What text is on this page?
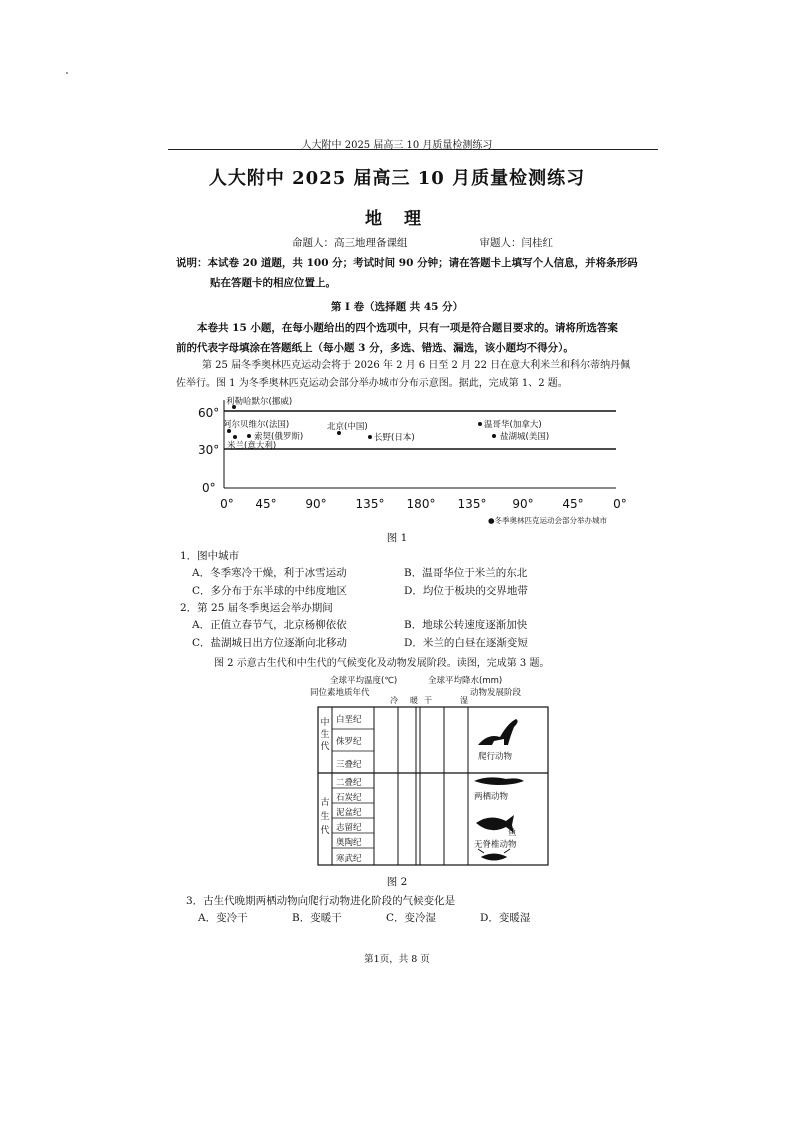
人大附中 2025 届高三 10 月质量检测练习
人大附中 2025 届高三 10 月质量检测练习
地 理
命题人：高三地理备课组	审题人：闫桂红
说明：本试卷 20 道题，共 100 分；考试时间 90 分钟；请在答题卡上填写个人信息，并将条形码
贴在答题卡的相应位置上。
第 I 卷（选择题 共 45 分）
本卷共 15 小题，在每小题给出的四个选项中，只有一项是符合题目要求的。请将所选答案
前的代表字母填涂在答题纸上（每小题 3 分，多选、错选、漏选，该小题均不得分）。
第 25 届冬季奥林匹克运动会将于 2026 年 2 月 6 日至 2 月 22 日在意大利米兰和科尔蒂纳丹佩
佐举行。图 1 为冬季奥林匹克运动会部分举办城市分布示意图。据此，完成第 1、2 题。
60°
30°
0°
0° 45° 90° 135° 180° 135° 90° 45° 0°
利勒哈默尔(挪威)
阿尔贝维尔(法国)
索契(俄罗斯)
米兰(意大利)
北京(中国)
长野(日本)
温哥华(加拿大)
盐湖城(美国)
●冬季奥林匹克运动会部分举办城市
图 1
1．图中城市
A．冬季寒冷干燥，利于冰雪运动	B．温哥华位于米兰的东北
C．多分布于东半球的中纬度地区	D．均位于板块的交界地带
2．第 25 届冬季奥运会举办期间
A．正值立春节气，北京杨柳依依	B．地球公转速度逐渐加快
C．盐湖城日出方位逐渐向北移动	D．米兰的白昼在逐渐变短
图 2 示意古生代和中生代的气候变化及动物发展阶段。读图，完成第 3 题。
全球平均温度(℃)	全球平均降水(mm)
同位素地质年代	动物发展阶段
冷 暖 干	湿
中生代
古生代
白垩纪
侏罗纪
三叠纪
二叠纪
石炭纪
泥盆纪
志留纪
奥陶纪
寒武纪
爬行动物
两栖动物
鱼
无脊椎动物
图 2
3．古生代晚期两栖动物向爬行动物进化阶段的气候变化是
A．变冷干	B．变暖干	C．变冷湿	D．变暖湿
第1页，共 8 页
